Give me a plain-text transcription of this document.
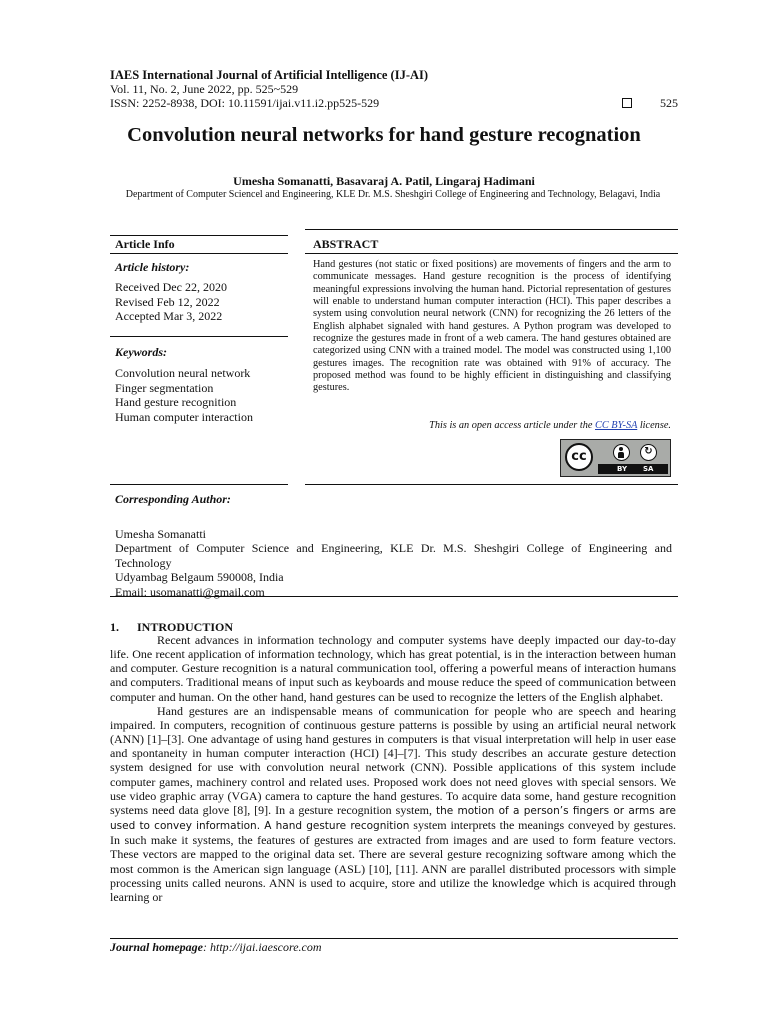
IAES International Journal of Artificial Intelligence (IJ-AI)
Vol. 11, No. 2, June 2022, pp. 525~529
ISSN: 2252-8938, DOI: 10.11591/ijai.v11.i2.pp525-529	525
Convolution neural networks for hand gesture recognation
Umesha Somanatti, Basavaraj A. Patil, Lingaraj Hadimani
Department of Computer Sciencel and Engineering, KLE Dr. M.S. Sheshgiri College of Engineering and Technology, Belagavi, India
Article Info	ABSTRACT
Article history:
Received Dec 22, 2020
Revised Feb 12, 2022
Accepted Mar 3, 2022
Keywords:
Convolution neural network
Finger segmentation
Hand gesture recognition
Human computer interaction
Hand gestures (not static or fixed positions) are movements of fingers and the arm to communicate messages. Hand gesture recognition is the process of identifying meaningful expressions involving the human hand. Pictorial representation of gestures will enable to understand human computer interaction (HCI). This paper describes a system using convolution neural network (CNN) for recognizing the 26 letters of the English alphabet signaled with hand gestures. A Python program was developed to recognize the gestures made in front of a web camera. The hand gestures obtained are categorized using CNN with a trained model. The model was constructed using 1,100 gestures images. The recognition rate was obtained with 91% of accuracy. The proposed method was found to be highly efficient in distinguishing and classifying gestures.
This is an open access article under the CC BY-SA license.
cc	↻
BY SA
Corresponding Author:
Umesha Somanatti
Department of Computer Science and Engineering, KLE Dr. M.S. Sheshgiri College of Engineering and Technology
Udyambag Belgaum 590008, India
Email: usomanatti@gmail.com
1. INTRODUCTION

Recent advances in information technology and computer systems have deeply impacted our day-to-day life. One recent application of information technology, which has great potential, is in the interaction between human and computer. Gesture recognition is a natural communication tool, offering a powerful means of interaction humans and computers. Traditional means of input such as keyboards and mouse reduce the speed of communication between computer and human. On the other hand, hand gestures can be used to recognize the letters of the English alphabet.

Hand gestures are an indispensable means of communication for people who are speech and hearing impaired. In computers, recognition of continuous gesture patterns is possible by using an artificial neural network (ANN) [1]–[3]. One advantage of using hand gestures in computers is that visual interpretation will help in user ease and spontaneity in human computer interaction (HCI) [4]–[7]. This study describes an accurate gesture detection system designed for use with convolution neural network (CNN). Possible applications of this system include computer games, machinery control and related uses. Proposed work does not need gloves with special sensors. We use video graphic array (VGA) camera to capture the hand gestures. To acquire data some, hand gesture recognition systems need data glove [8], [9]. In a gesture recognition system, the motion of a person’s fingers or arms are used to convey information. A hand gesture recognition system interprets the meanings conveyed by gestures. In such make it systems, the features of gestures are extracted from images and are used to form feature vectors. These vectors are mapped to the original data set. There are several gesture recognizing software among which the most common is the American sign language (ASL) [10], [11]. ANN are parallel distributed processors with simple processing units called neurons. ANN is used to acquire, store and utilize the knowledge which is acquired through learning or

Journal homepage: http://ijai.iaescore.com
